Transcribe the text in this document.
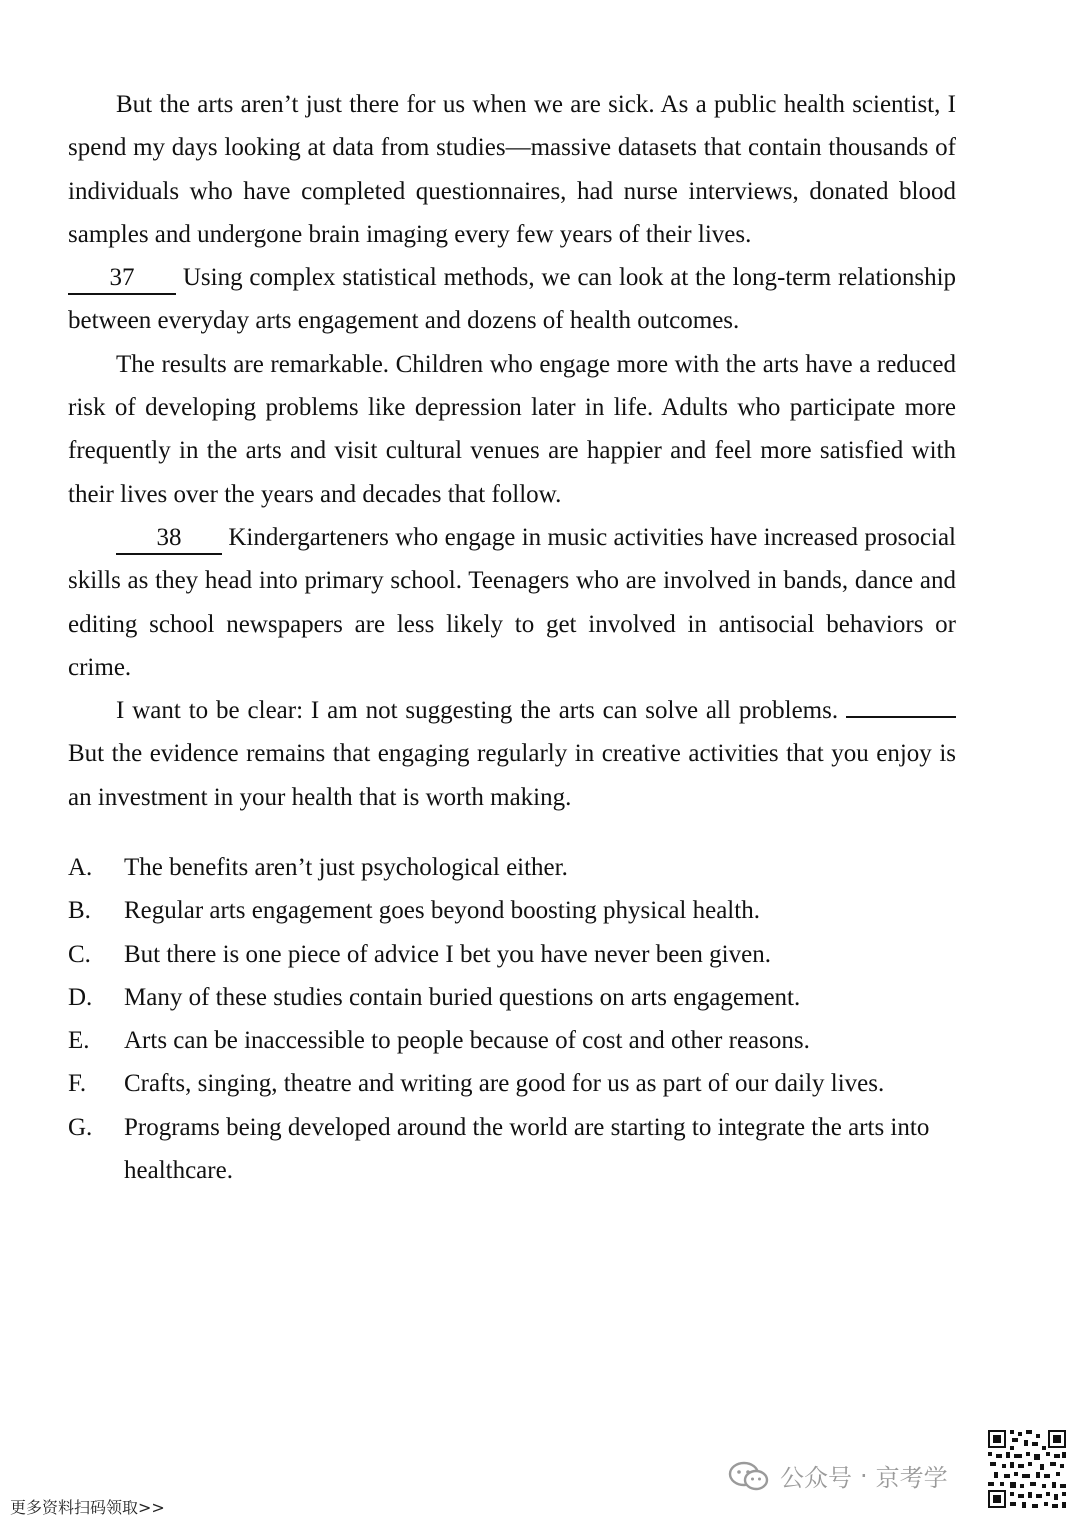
But the arts aren’t just there for us when we are sick. As a public health scientist, I spend my days looking at data from studies—massive datasets that contain thousands of individuals who have completed questionnaires, had nurse interviews, donated blood samples and undergone brain imaging every few years of their lives.

37 Using complex statistical methods, we can look at the long-term relationship between everyday arts engagement and dozens of health outcomes.

The results are remarkable. Children who engage more with the arts have a reduced risk of developing problems like depression later in life. Adults who participate more frequently in the arts and visit cultural venues are happier and feel more satisfied with their lives over the years and decades that follow.

38 Kindergarteners who engage in music activities have increased prosocial skills as they head into primary school. Teenagers who are involved in bands, dance and editing school newspapers are less likely to get involved in antisocial behaviors or crime.

I want to be clear: I am not suggesting the arts can solve all problems.  But the evidence remains that engaging regularly in creative activities that you enjoy is an investment in your health that is worth making.

A.	The benefits aren’t just psychological either.
B.	Regular arts engagement goes beyond boosting physical health.
C.	But there is one piece of advice I bet you have never been given.
D.	Many of these studies contain buried questions on arts engagement.
E.	Arts can be inaccessible to people because of cost and other reasons.
F.	Crafts, singing, theatre and writing are good for us as part of our daily lives.
G.	Programs being developed around the world are starting to integrate the arts into healthcare.
更多资料扫码领取>>
公众号 · 京考学
